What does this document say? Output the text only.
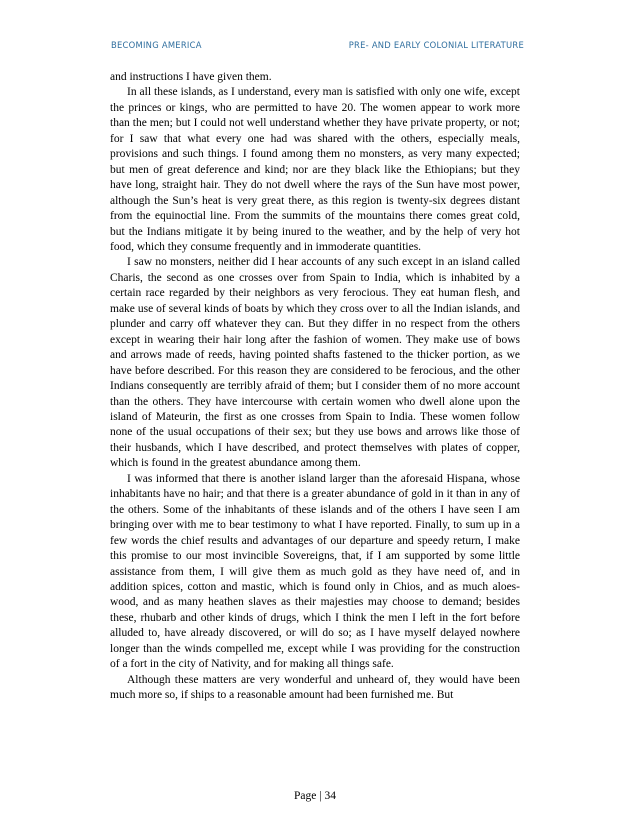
BECOMING AMERICA	PRE- AND EARLY COLONIAL LITERATURE

and instructions I have given them.

In all these islands, as I understand, every man is satisfied with only one wife, except the princes or kings, who are permitted to have 20. The women appear to work more than the men; but I could not well understand whether they have private property, or not; for I saw that what every one had was shared with the others, especially meals, provisions and such things. I found among them no monsters, as very many expected; but men of great deference and kind; nor are they black like the Ethiopians; but they have long, straight hair. They do not dwell where the rays of the Sun have most power, although the Sun’s heat is very great there, as this region is twenty-six degrees distant from the equinoctial line. From the summits of the mountains there comes great cold, but the Indians mitigate it by being inured to the weather, and by the help of very hot food, which they consume frequently and in immoderate quantities.

I saw no monsters, neither did I hear accounts of any such except in an island called Charis, the second as one crosses over from Spain to India, which is inhabited by a certain race regarded by their neighbors as very ferocious. They eat human flesh, and make use of several kinds of boats by which they cross over to all the Indian islands, and plunder and carry off whatever they can. But they differ in no respect from the others except in wearing their hair long after the fashion of women. They make use of bows and arrows made of reeds, having pointed shafts fastened to the thicker portion, as we have before described. For this reason they are considered to be ferocious, and the other Indians consequently are terribly afraid of them; but I consider them of no more account than the others. They have intercourse with certain women who dwell alone upon the island of Mateurin, the first as one crosses from Spain to India. These women follow none of the usual occupations of their sex; but they use bows and arrows like those of their husbands, which I have described, and protect themselves with plates of copper, which is found in the greatest abundance among them.

I was informed that there is another island larger than the aforesaid Hispana, whose inhabitants have no hair; and that there is a greater abundance of gold in it than in any of the others. Some of the inhabitants of these islands and of the others I have seen I am bringing over with me to bear testimony to what I have reported. Finally, to sum up in a few words the chief results and advantages of our departure and speedy return, I make this promise to our most invincible Sovereigns, that, if I am supported by some little assistance from them, I will give them as much gold as they have need of, and in addition spices, cotton and mastic, which is found only in Chios, and as much aloes-wood, and as many heathen slaves as their majesties may choose to demand; besides these, rhubarb and other kinds of drugs, which I think the men I left in the fort before alluded to, have already discovered, or will do so; as I have myself delayed nowhere longer than the winds compelled me, except while I was providing for the construction of a fort in the city of Nativity, and for making all things safe.

Although these matters are very wonderful and unheard of, they would have been much more so, if ships to a reasonable amount had been furnished me. But

Page | 34
